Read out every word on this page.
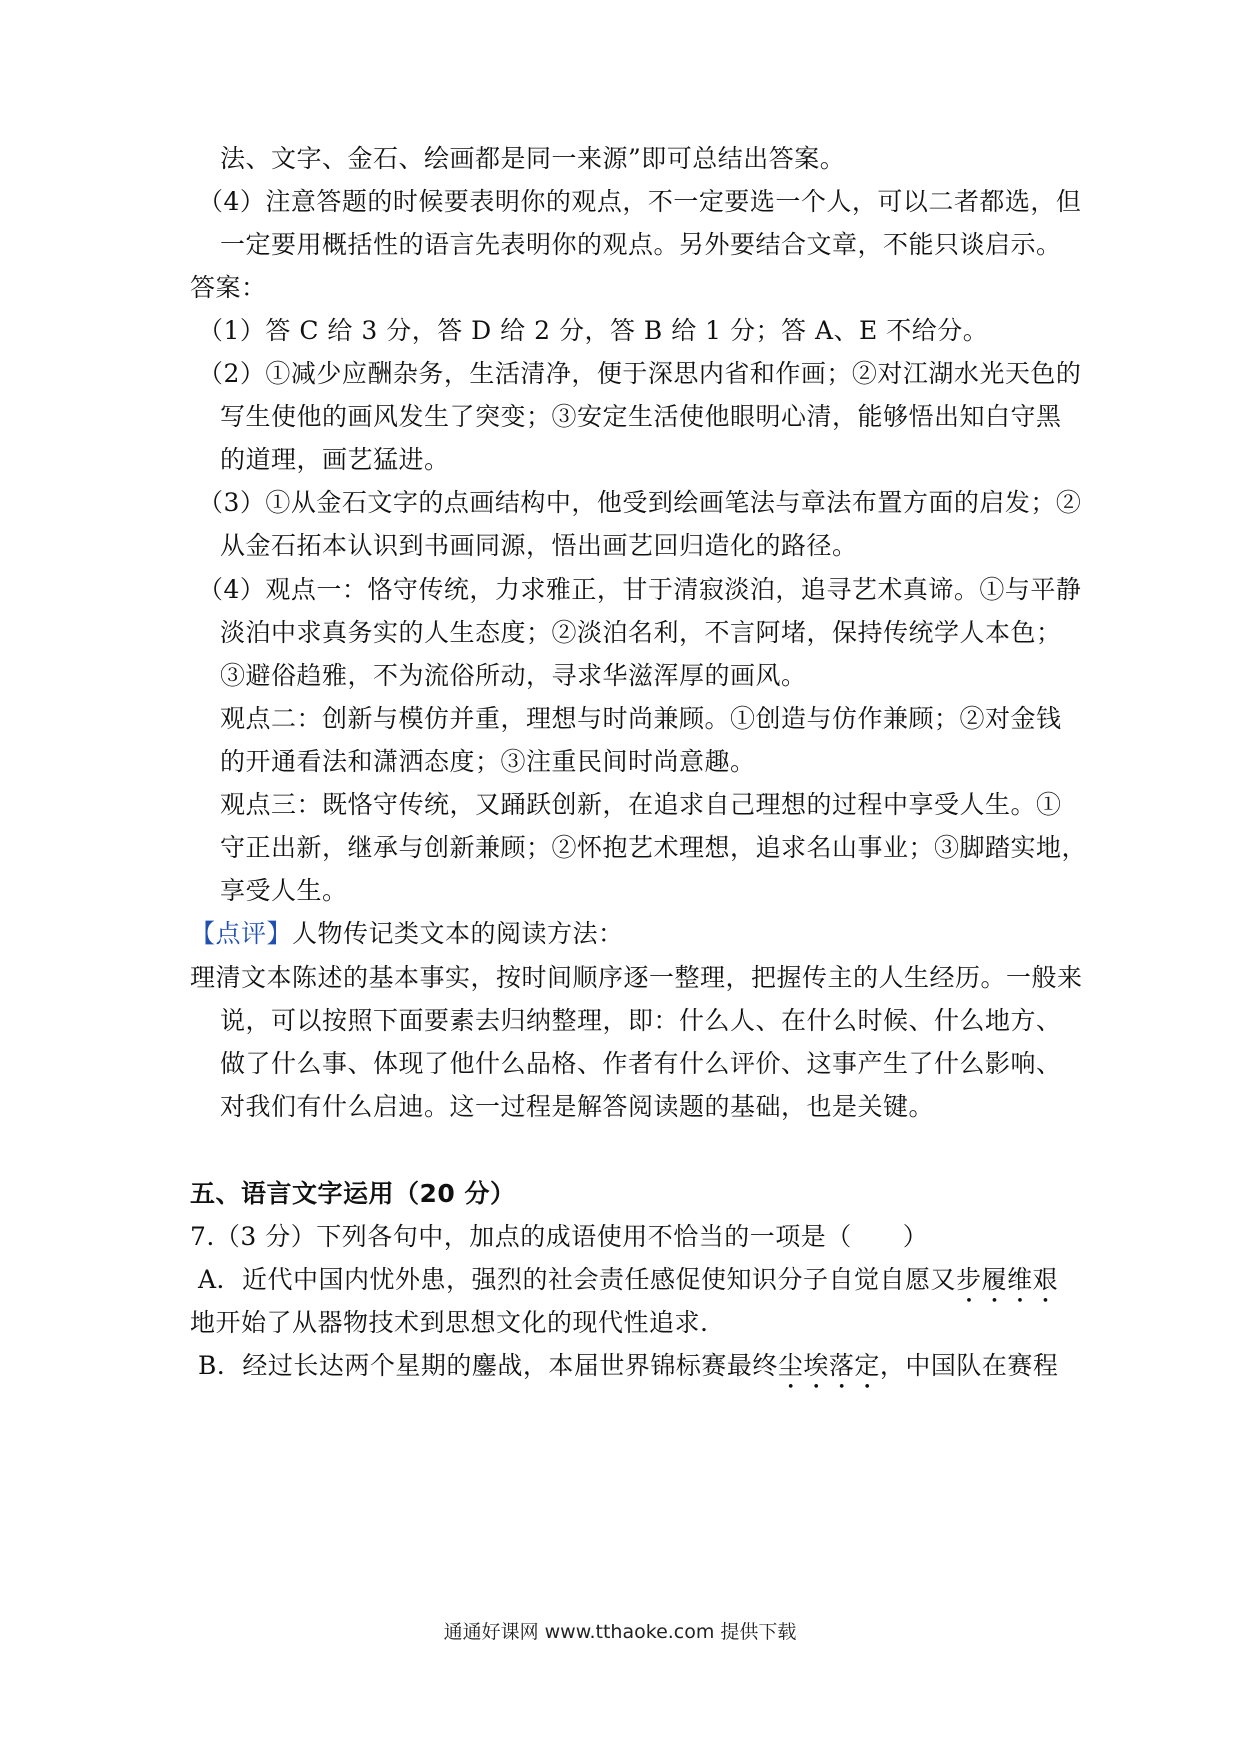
法、文字、金石、绘画都是同一来源”即可总结出答案。
（4）注意答题的时候要表明你的观点，不一定要选一个人，可以二者都选，但
一定要用概括性的语言先表明你的观点。另外要结合文章，不能只谈启示。
答案：
（1）答 C 给 3 分，答 D 给 2 分，答 B 给 1 分；答 A、E 不给分。
（2）①减少应酬杂务，生活清净，便于深思内省和作画；②对江湖水光天色的
写生使他的画风发生了突变；③安定生活使他眼明心清，能够悟出知白守黑
的道理，画艺猛进。
（3）①从金石文字的点画结构中，他受到绘画笔法与章法布置方面的启发；②
从金石拓本认识到书画同源，悟出画艺回归造化的路径。
（4）观点一：恪守传统，力求雅正，甘于清寂淡泊，追寻艺术真谛。①与平静
淡泊中求真务实的人生态度；②淡泊名利，不言阿堵，保持传统学人本色；
③避俗趋雅，不为流俗所动，寻求华滋浑厚的画风。
观点二：创新与模仿并重，理想与时尚兼顾。①创造与仿作兼顾；②对金钱
的开通看法和潇洒态度；③注重民间时尚意趣。
观点三：既恪守传统，又踊跃创新，在追求自己理想的过程中享受人生。①
守正出新，继承与创新兼顾；②怀抱艺术理想，追求名山事业；③脚踏实地，
享受人生。
【点评】人物传记类文本的阅读方法：
理清文本陈述的基本事实，按时间顺序逐一整理，把握传主的人生经历。一般来
说，可以按照下面要素去归纳整理，即：什么人、在什么时候、什么地方、
做了什么事、体现了他什么品格、作者有什么评价、这事产生了什么影响、
对我们有什么启迪。这一过程是解答阅读题的基础，也是关键。
五、语言文字运用（20 分）
7.（3 分）下列各句中，加点的成语使用不恰当的一项是（　　）
A．近代中国内忧外患，强烈的社会责任感促使知识分子自觉自愿又步履维艰
地开始了从器物技术到思想文化的现代性追求.
B．经过长达两个星期的鏖战，本届世界锦标赛最终尘埃落定，中国队在赛程
通通好课网 www.tthaoke.com 提供下载
